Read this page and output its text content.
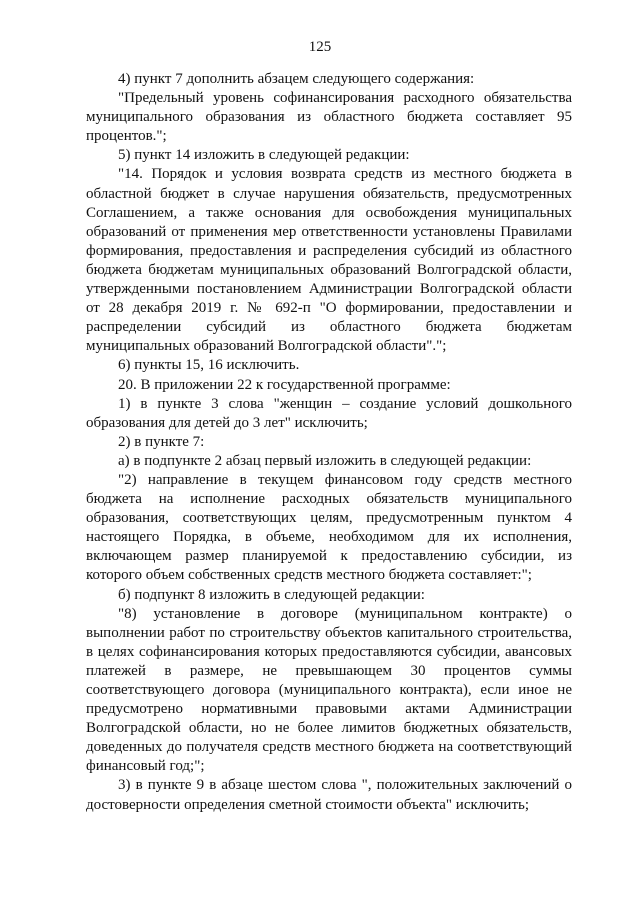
125

4) пункт 7 дополнить абзацем следующего содержания:

"Предельный уровень софинансирования расходного обязательства муниципального образования из областного бюджета составляет 95 процентов.";

5) пункт 14 изложить в следующей редакции:

"14. Порядок и условия возврата средств из местного бюджета в областной бюджет в случае нарушения обязательств, предусмотренных Соглашением, а также основания для освобождения муниципальных образований от применения мер ответственности установлены Правилами формирования, предоставления и распределения субсидий из областного бюджета бюджетам муниципальных образований Волгоградской области, утвержденными постановлением Администрации Волгоградской области от 28 декабря 2019 г. № 692-п "О формировании, предоставлении и распределении субсидий из областного бюджета бюджетам муниципальных образований Волгоградской области".";

6) пункты 15, 16 исключить.

20. В приложении 22 к государственной программе:

1) в пункте 3 слова "женщин – создание условий дошкольного образования для детей до 3 лет" исключить;

2) в пункте 7:

а) в подпункте 2 абзац первый изложить в следующей редакции:

"2) направление в текущем финансовом году средств местного бюджета на исполнение расходных обязательств муниципального образования, соответствующих целям, предусмотренным пунктом 4 настоящего Порядка, в объеме, необходимом для их исполнения, включающем размер планируемой к предоставлению субсидии, из которого объем собственных средств местного бюджета составляет:";

б) подпункт 8 изложить в следующей редакции:

"8) установление в договоре (муниципальном контракте) о выполнении работ по строительству объектов капитального строительства, в целях софинансирования которых предоставляются субсидии, авансовых платежей в размере, не превышающем 30 процентов суммы соответствующего договора (муниципального контракта), если иное не предусмотрено нормативными правовыми актами Администрации Волгоградской области, но не более лимитов бюджетных обязательств, доведенных до получателя средств местного бюджета на соответствующий финансовый год;";

3) в пункте 9 в абзаце шестом слова ", положительных заключений о достоверности определения сметной стоимости объекта" исключить;
